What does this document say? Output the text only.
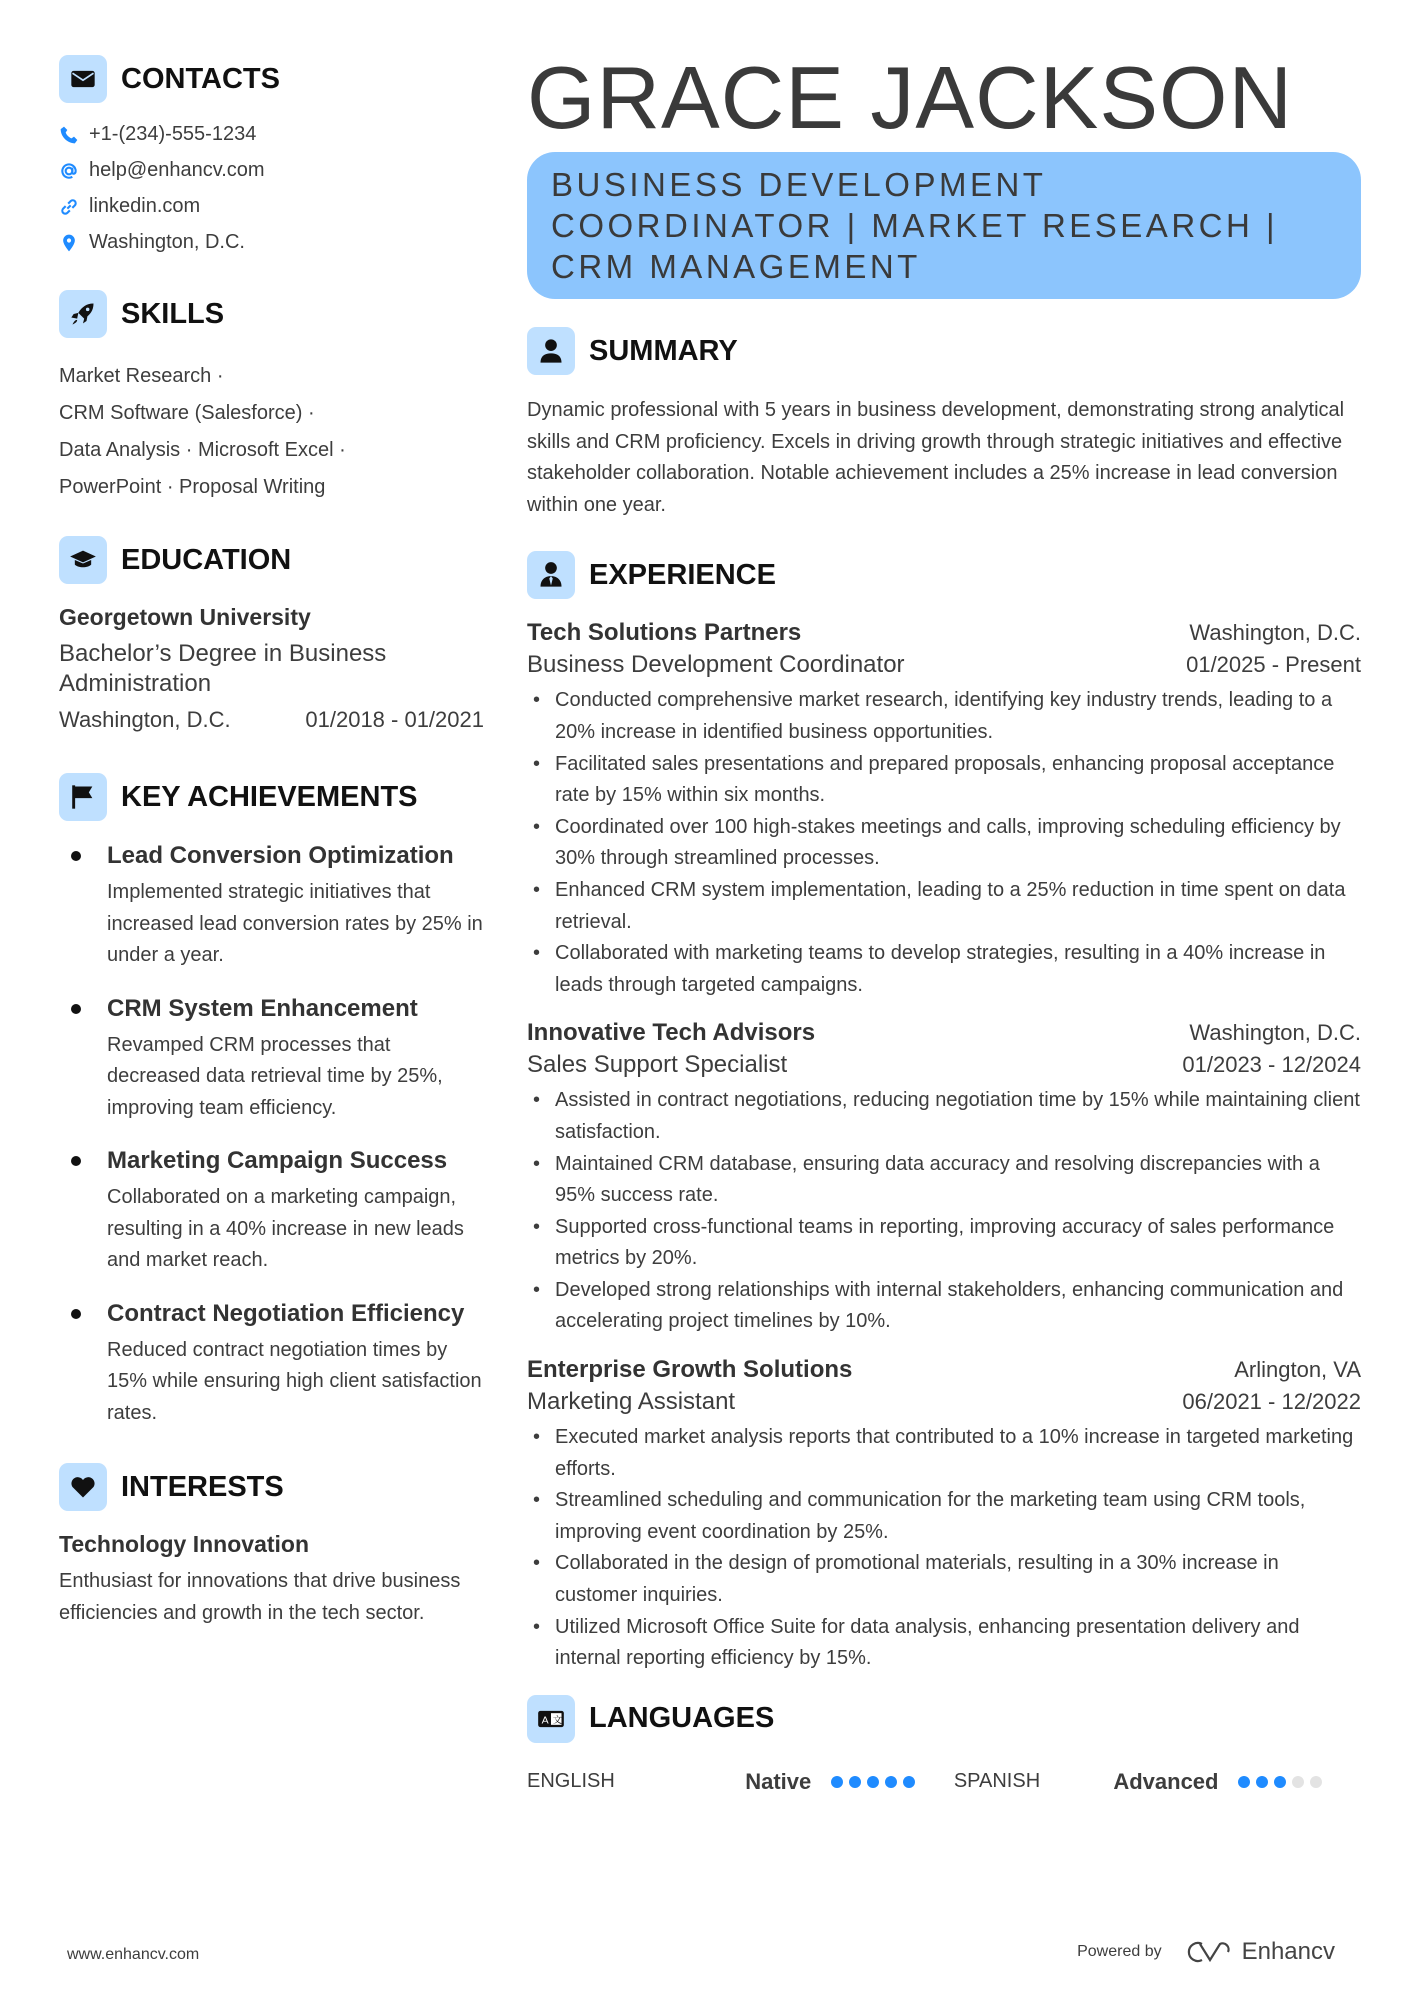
CONTACTS
+1-(234)-555-1234
help@enhancv.com
linkedin.com
Washington, D.C.
SKILLS
Market Research ·
CRM Software (Salesforce) ·
Data Analysis · Microsoft Excel ·
PowerPoint · Proposal Writing
EDUCATION
Georgetown University
Bachelor’s Degree in Business Administration
Washington, D.C.	01/2018 - 01/2021
KEY ACHIEVEMENTS
Lead Conversion Optimization
Implemented strategic initiatives that increased lead conversion rates by 25% in under a year.
CRM System Enhancement
Revamped CRM processes that decreased data retrieval time by 25%, improving team efficiency.
Marketing Campaign Success
Collaborated on a marketing campaign, resulting in a 40% increase in new leads and market reach.
Contract Negotiation Efficiency
Reduced contract negotiation times by 15% while ensuring high client satisfaction rates.
INTERESTS
Technology Innovation
Enthusiast for innovations that drive business efficiencies and growth in the tech sector.
GRACE JACKSON
BUSINESS DEVELOPMENT COORDINATOR | MARKET RESEARCH | CRM MANAGEMENT
SUMMARY
Dynamic professional with 5 years in business development, demonstrating strong analytical skills and CRM proficiency. Excels in driving growth through strategic initiatives and effective stakeholder collaboration. Notable achievement includes a 25% increase in lead conversion within one year.
EXPERIENCE
Tech Solutions Partners	Washington, D.C.
Business Development Coordinator	01/2025 - Present
• Conducted comprehensive market research, identifying key industry trends, leading to a 20% increase in identified business opportunities.
• Facilitated sales presentations and prepared proposals, enhancing proposal acceptance rate by 15% within six months.
• Coordinated over 100 high-stakes meetings and calls, improving scheduling efficiency by 30% through streamlined processes.
• Enhanced CRM system implementation, leading to a 25% reduction in time spent on data retrieval.
• Collaborated with marketing teams to develop strategies, resulting in a 40% increase in leads through targeted campaigns.
Innovative Tech Advisors	Washington, D.C.
Sales Support Specialist	01/2023 - 12/2024
• Assisted in contract negotiations, reducing negotiation time by 15% while maintaining client satisfaction.
• Maintained CRM database, ensuring data accuracy and resolving discrepancies with a 95% success rate.
• Supported cross-functional teams in reporting, improving accuracy of sales performance metrics by 20%.
• Developed strong relationships with internal stakeholders, enhancing communication and accelerating project timelines by 10%.
Enterprise Growth Solutions	Arlington, VA
Marketing Assistant	06/2021 - 12/2022
• Executed market analysis reports that contributed to a 10% increase in targeted marketing efforts.
• Streamlined scheduling and communication for the marketing team using CRM tools, improving event coordination by 25%.
• Collaborated in the design of promotional materials, resulting in a 30% increase in customer inquiries.
• Utilized Microsoft Office Suite for data analysis, enhancing presentation delivery and internal reporting efficiency by 15%.
A 文 LANGUAGES
ENGLISH	Native	SPANISH	Advanced
www.enhancv.com	Powered by	Enhancv
